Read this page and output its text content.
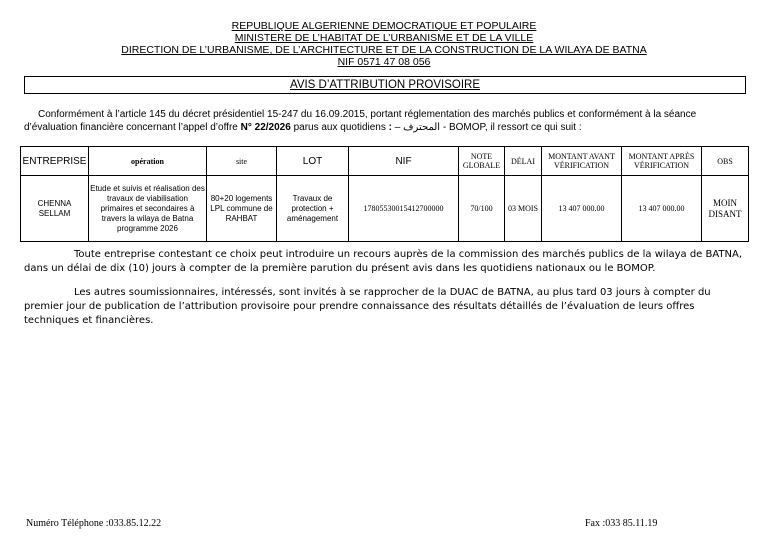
REPUBLIQUE ALGERIENNE DEMOCRATIQUE ET POPULAIRE
MINISTERE DE L’HABITAT DE L’URBANISME ET DE LA VILLE
DIRECTION DE L’URBANISME, DE L’ARCHITECTURE ET DE LA CONSTRUCTION DE LA WILAYA DE BATNA
NIF 0571 47 08 056
AVIS D’ATTRIBUTION PROVISOIRE
Conformément à l’article 145 du décret présidentiel 15-247 du 16.09.2015, portant réglementation des marchés publics et conformément à la séance d’évaluation financière concernant l’appel d’offre N° 22/2026 parus aux quotidiens : – المحترف - BOMOP, il ressort ce qui suit :
ENTREPRISE	opération	site	LOT	NIF	NOTE GLOBALE	DÉLAI	MONTANT AVANT VÉRIFICATION	MONTANT APRÈS VÉRIFICATION	OBS
CHENNA SELLAM	Etude et suivis et réalisation des travaux de viabilisation primaires et secondaires à travers la wilaya de Batna programme 2026	80+20 logements LPL commune de RAHBAT	Travaux de protection + aménagement	17805530015412700000	70/100	03 MOIS	13 407 000.00	13 407 000.00	MOIN DISANT
Toute entreprise contestant ce choix peut introduire un recours auprès de la commission des marchés publics de la wilaya de BATNA, dans un délai de dix (10) jours à compter de la première parution du présent avis dans les quotidiens nationaux ou le BOMOP.
Les autres soumissionnaires, intéressés, sont invités à se rapprocher de la DUAC de BATNA, au plus tard 03 jours à compter du premier jour de publication de l’attribution provisoire pour prendre connaissance des résultats détaillés de l’évaluation de leurs offres techniques et financières.
Numéro Téléphone :033.85.12.22	Fax :033 85.11.19
